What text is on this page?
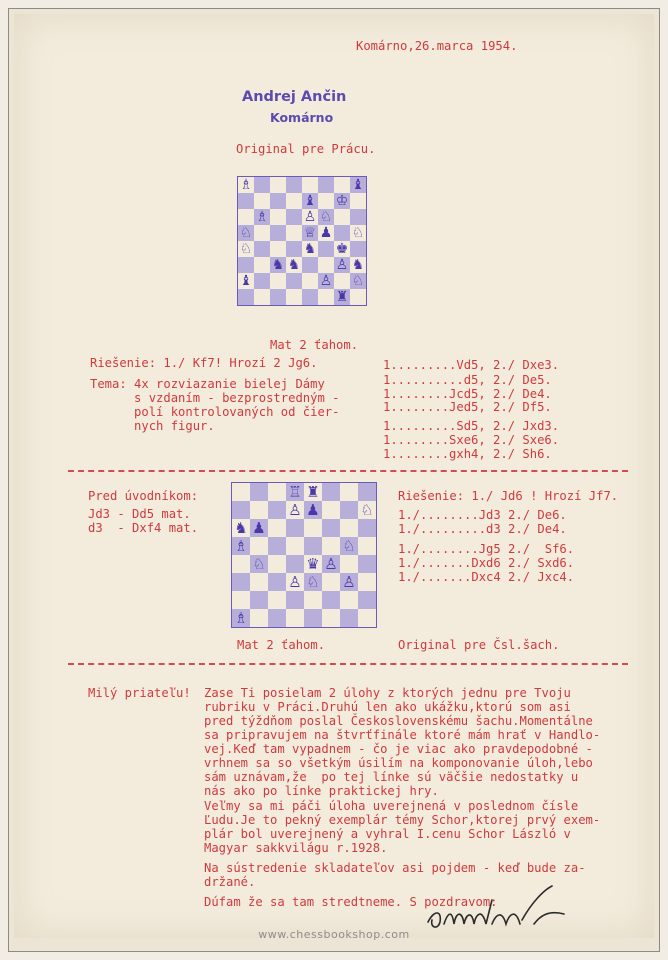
Komárno,26.marca 1954.
Andrej Ančin
Komárno
Original pre Prácu.
♗	♝
♝ ♔
♗	♙ ♘
♘	♕ ♟ ♘
♘	♞ ♚
♞ ♞	♙ ♞
♝	♙ ♘
♜
Mat 2 ťahom.
Riešenie: 1./ Kf7! Hrozí 2 Jg6.
Tema: 4x rozviazanie bielej Dámy
s vzdaním - bezprostredným -
polí kontrolovaných od čier-
nych figur.
1.........Vd5, 2./ Dxe3.
1..........d5, 2./ De5.
1........Jcd5, 2./ De4.
1........Jed5, 2./ Df5.
1.........Sd5, 2./ Jxd3.
1........Sxe6, 2./ Sxe6.
1........gxh4, 2./ Sh6.
Pred úvodníkom:
Jd3 - Dd5 mat.
d3  - Dxf4 mat.
♖ ♜
♙ ♟	♘
♞ ♟
♗	♘
♘	♛ ♙
♙ ♘ ♙
♗
Riešenie: 1./ Jd6 ! Hrozí Jf7.
1./........Jd3 2./ De6.
1./.........d3 2./ De4.
1./........Jg5 2./  Sf6.
1./.......Dxd6 2./ Sxd6.
1./.......Dxc4 2./ Jxc4.
Mat 2 ťahom.	Original pre Čsl.šach.
Milý priateľu! Zase Ti posielam 2 úlohy z ktorých jednu pre Tvoju
rubriku v Práci.Druhú len ako ukážku,ktorú som asi
pred týždňom poslal Československému šachu.Momentálne
sa pripravujem na štvrťfinále ktoré mám hrať v Handlo-
vej.Keď tam vypadnem - čo je viac ako pravdepodobné -
vrhnem sa so všetkým úsilím na komponovanie úloh,lebo
sám uznávam,že  po tej línke sú väčšie nedostatky u
nás ako po línke praktickej hry.
Veľmy sa mi páči úloha uverejnená v poslednom čísle
Ľudu.Je to pekný exemplár témy Schor,ktorej prvý exem-
plár bol uverejnený a vyhral I.cenu Schor László v
Magyar sakkvilágu r.1928.
Na sústredenie skladateľov asi pojdem - keď bude za-
držané.
Dúfam že sa tam stredtneme. S pozdravom:
www.chessbookshop.com
